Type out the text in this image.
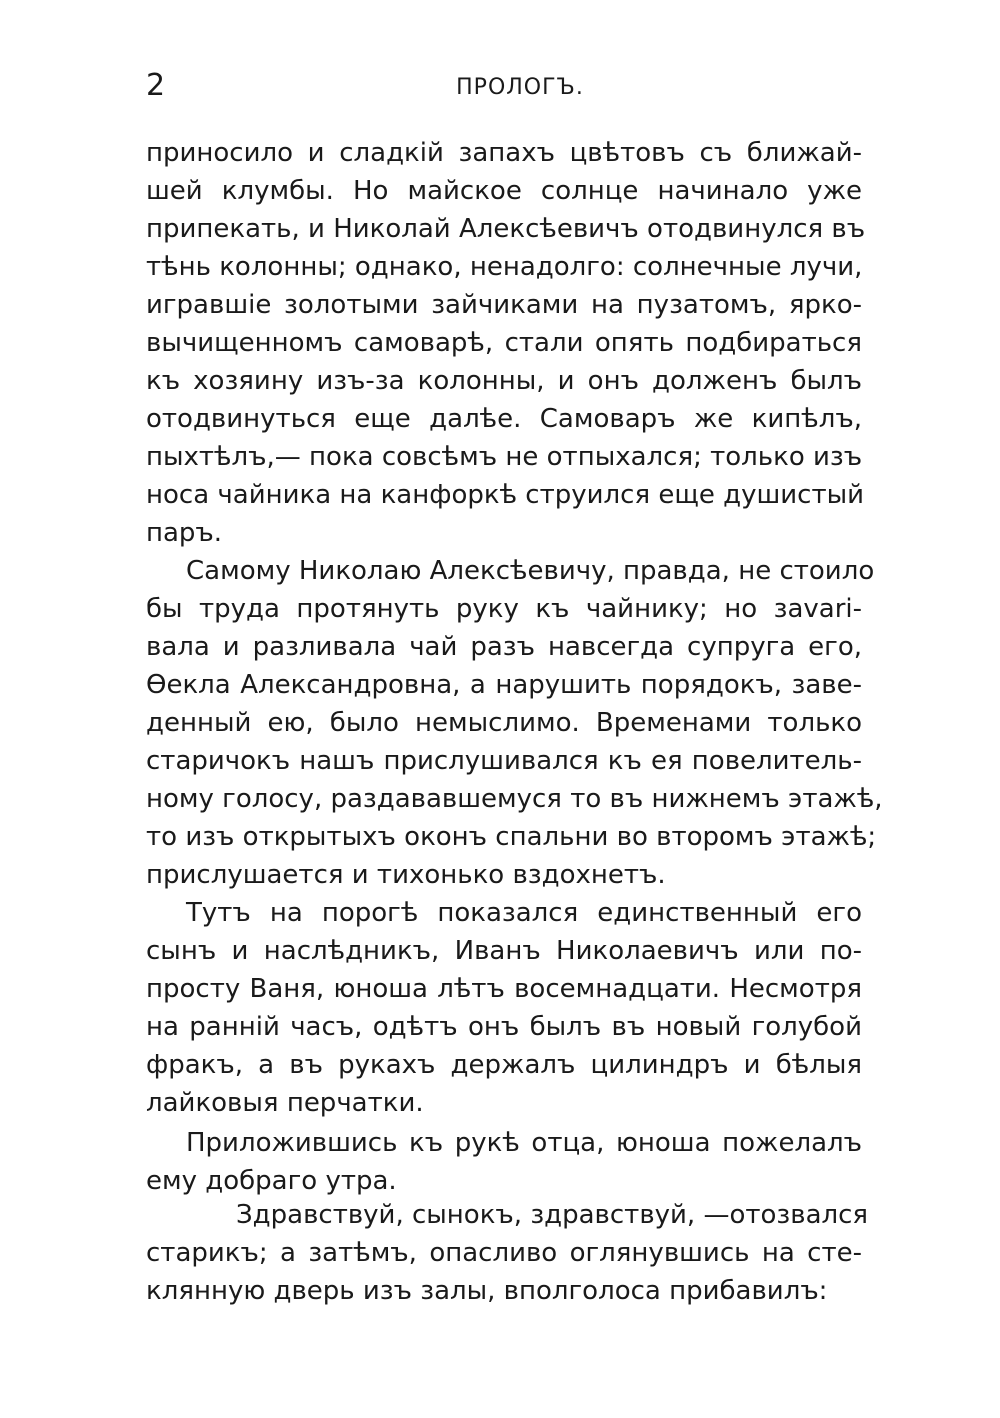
2	ПРОЛОГЪ.
приносило и сладкій запахъ цвѣтовъ съ ближай-
шей клумбы. Но майское солнце начинало уже
припекать, и Николай Алексѣевичъ отодвинулся въ
тѣнь колонны; однако, ненадолго: солнечные лучи,
игравшіе золотыми зайчиками на пузатомъ, ярко-
вычищенномъ самоварѣ, стали опять подбираться
къ хозяину изъ-за колонны, и онъ долженъ былъ
отодвинуться еще далѣе. Самоваръ же кипѣлъ,
пыхтѣлъ,— пока совсѣмъ не отпыхался; только изъ
носа чайника на канфоркѣ струился еще душистый
паръ.
Самому Николаю Алексѣевичу, правда, не стоило
бы труда протянуть руку къ чайнику; но зavari-
вала и разливала чай разъ навсегда супруга его,
Ѳекла Александровна, а нарушить порядокъ, заве-
денный ею, было немыслимо. Временами только
старичокъ нашъ прислушивался къ ея повелитель-
ному голосу, раздававшемуся то въ нижнемъ этажѣ,
то изъ открытыхъ оконъ спальни во второмъ этажѣ;
прислушается и тихонько вздохнетъ.
Тутъ на порогѣ показался единственный его
сынъ и наслѣдникъ, Иванъ Николаевичъ или по-
просту Ваня, юноша лѣтъ восемнадцати. Несмотря
на ранній часъ, одѣтъ онъ былъ въ новый голубой
фракъ, а въ рукахъ держалъ цилиндръ и бѣлыя
лайковыя перчатки.
Приложившись къ рукѣ отца, юноша пожелалъ
ему добраго утра.
Здравствуй, сынокъ, здравствуй, —отозвался
старикъ; а затѣмъ, опасливо оглянувшись на сте-
клянную дверь изъ залы, вполголоса прибавилъ:
